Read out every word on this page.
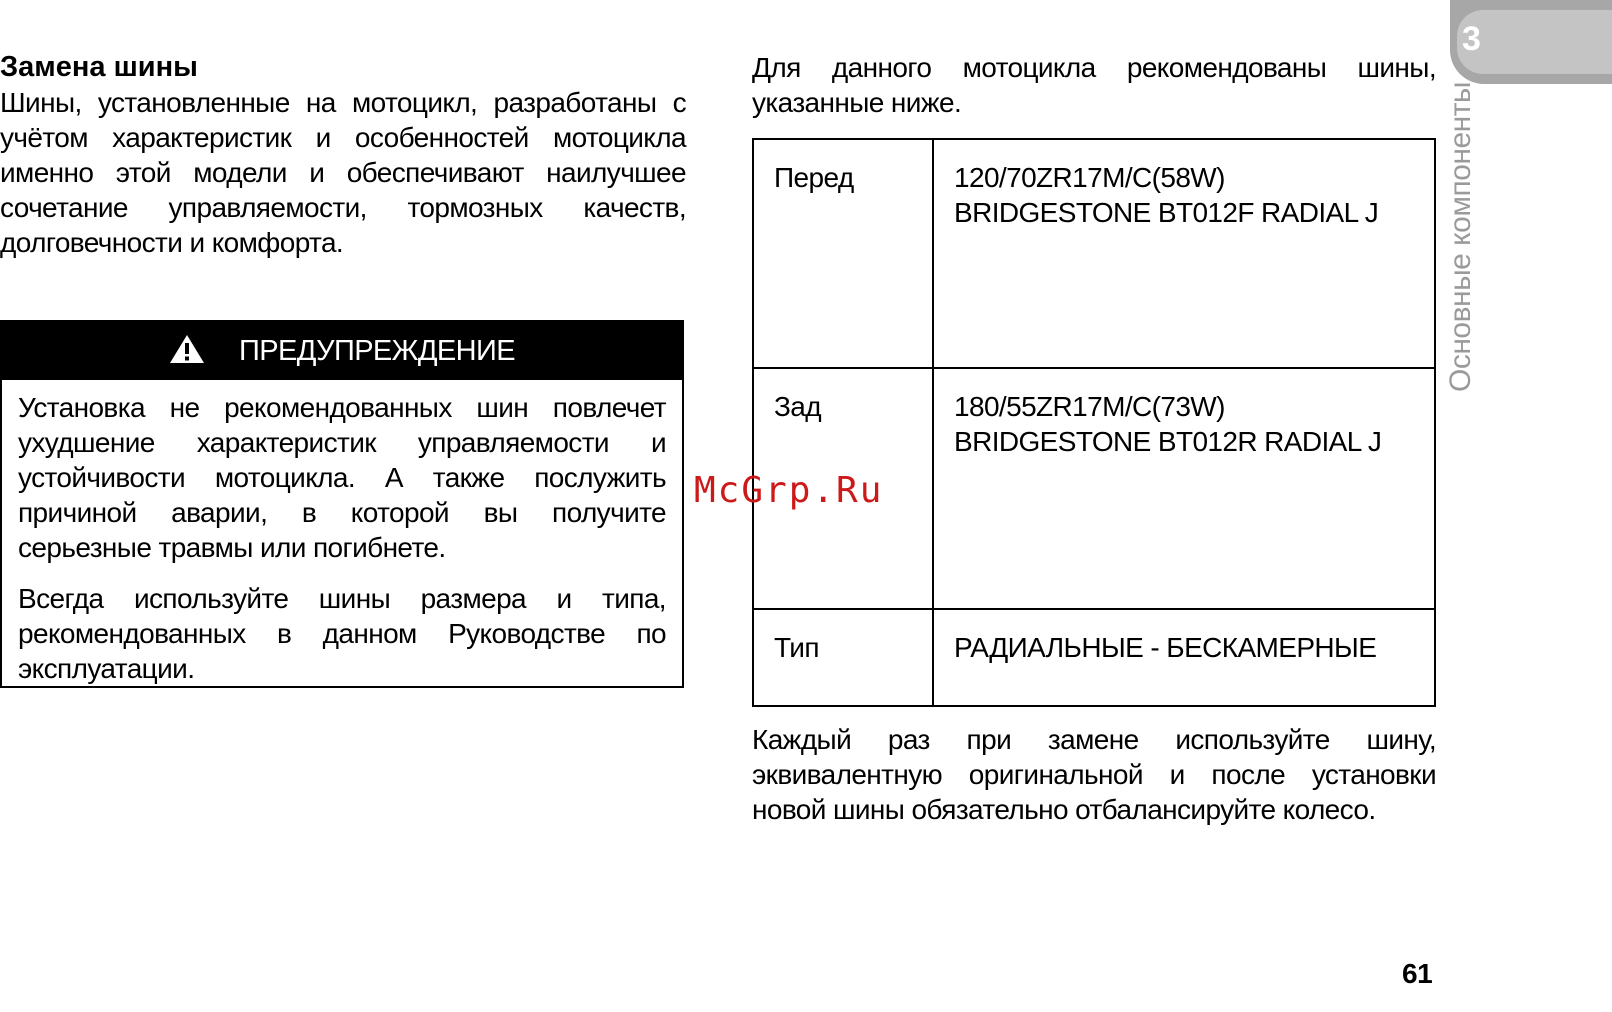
3
Основные компоненты
Замена шины

Шины, установленные на мотоцикл, разработаны с учётом характеристик и особенностей мотоцикла именно этой модели и обеспечивают наилучшее сочетание управляемости, тормозных качеств, долговечности и комфорта.

ПРЕДУПРЕЖДЕНИЕ

Установка не рекомендованных шин повлечет ухудшение характеристик управляемости и устойчивости мотоцикла. А также послужить причиной аварии, в которой вы получите серьезные травмы или погибнете.

Всегда используйте шины размера и типа, рекомендованных в данном Руководстве по эксплуатации.

Для данного мотоцикла рекомендованы шины, указанные ниже.

Перед	120/70ZR17M/C(58W)
BRIDGESTONE BT012F RADIAL J

Зад	180/55ZR17M/C(73W)
BRIDGESTONE BT012R RADIAL J

Тип	РАДИАЛЬНЫЕ - БЕСКАМЕРНЫЕ

Каждый раз при замене используйте шину, эквивалентную оригинальной и после установки новой шины обязательно отбалансируйте колесо.

McGrp.Ru
61
